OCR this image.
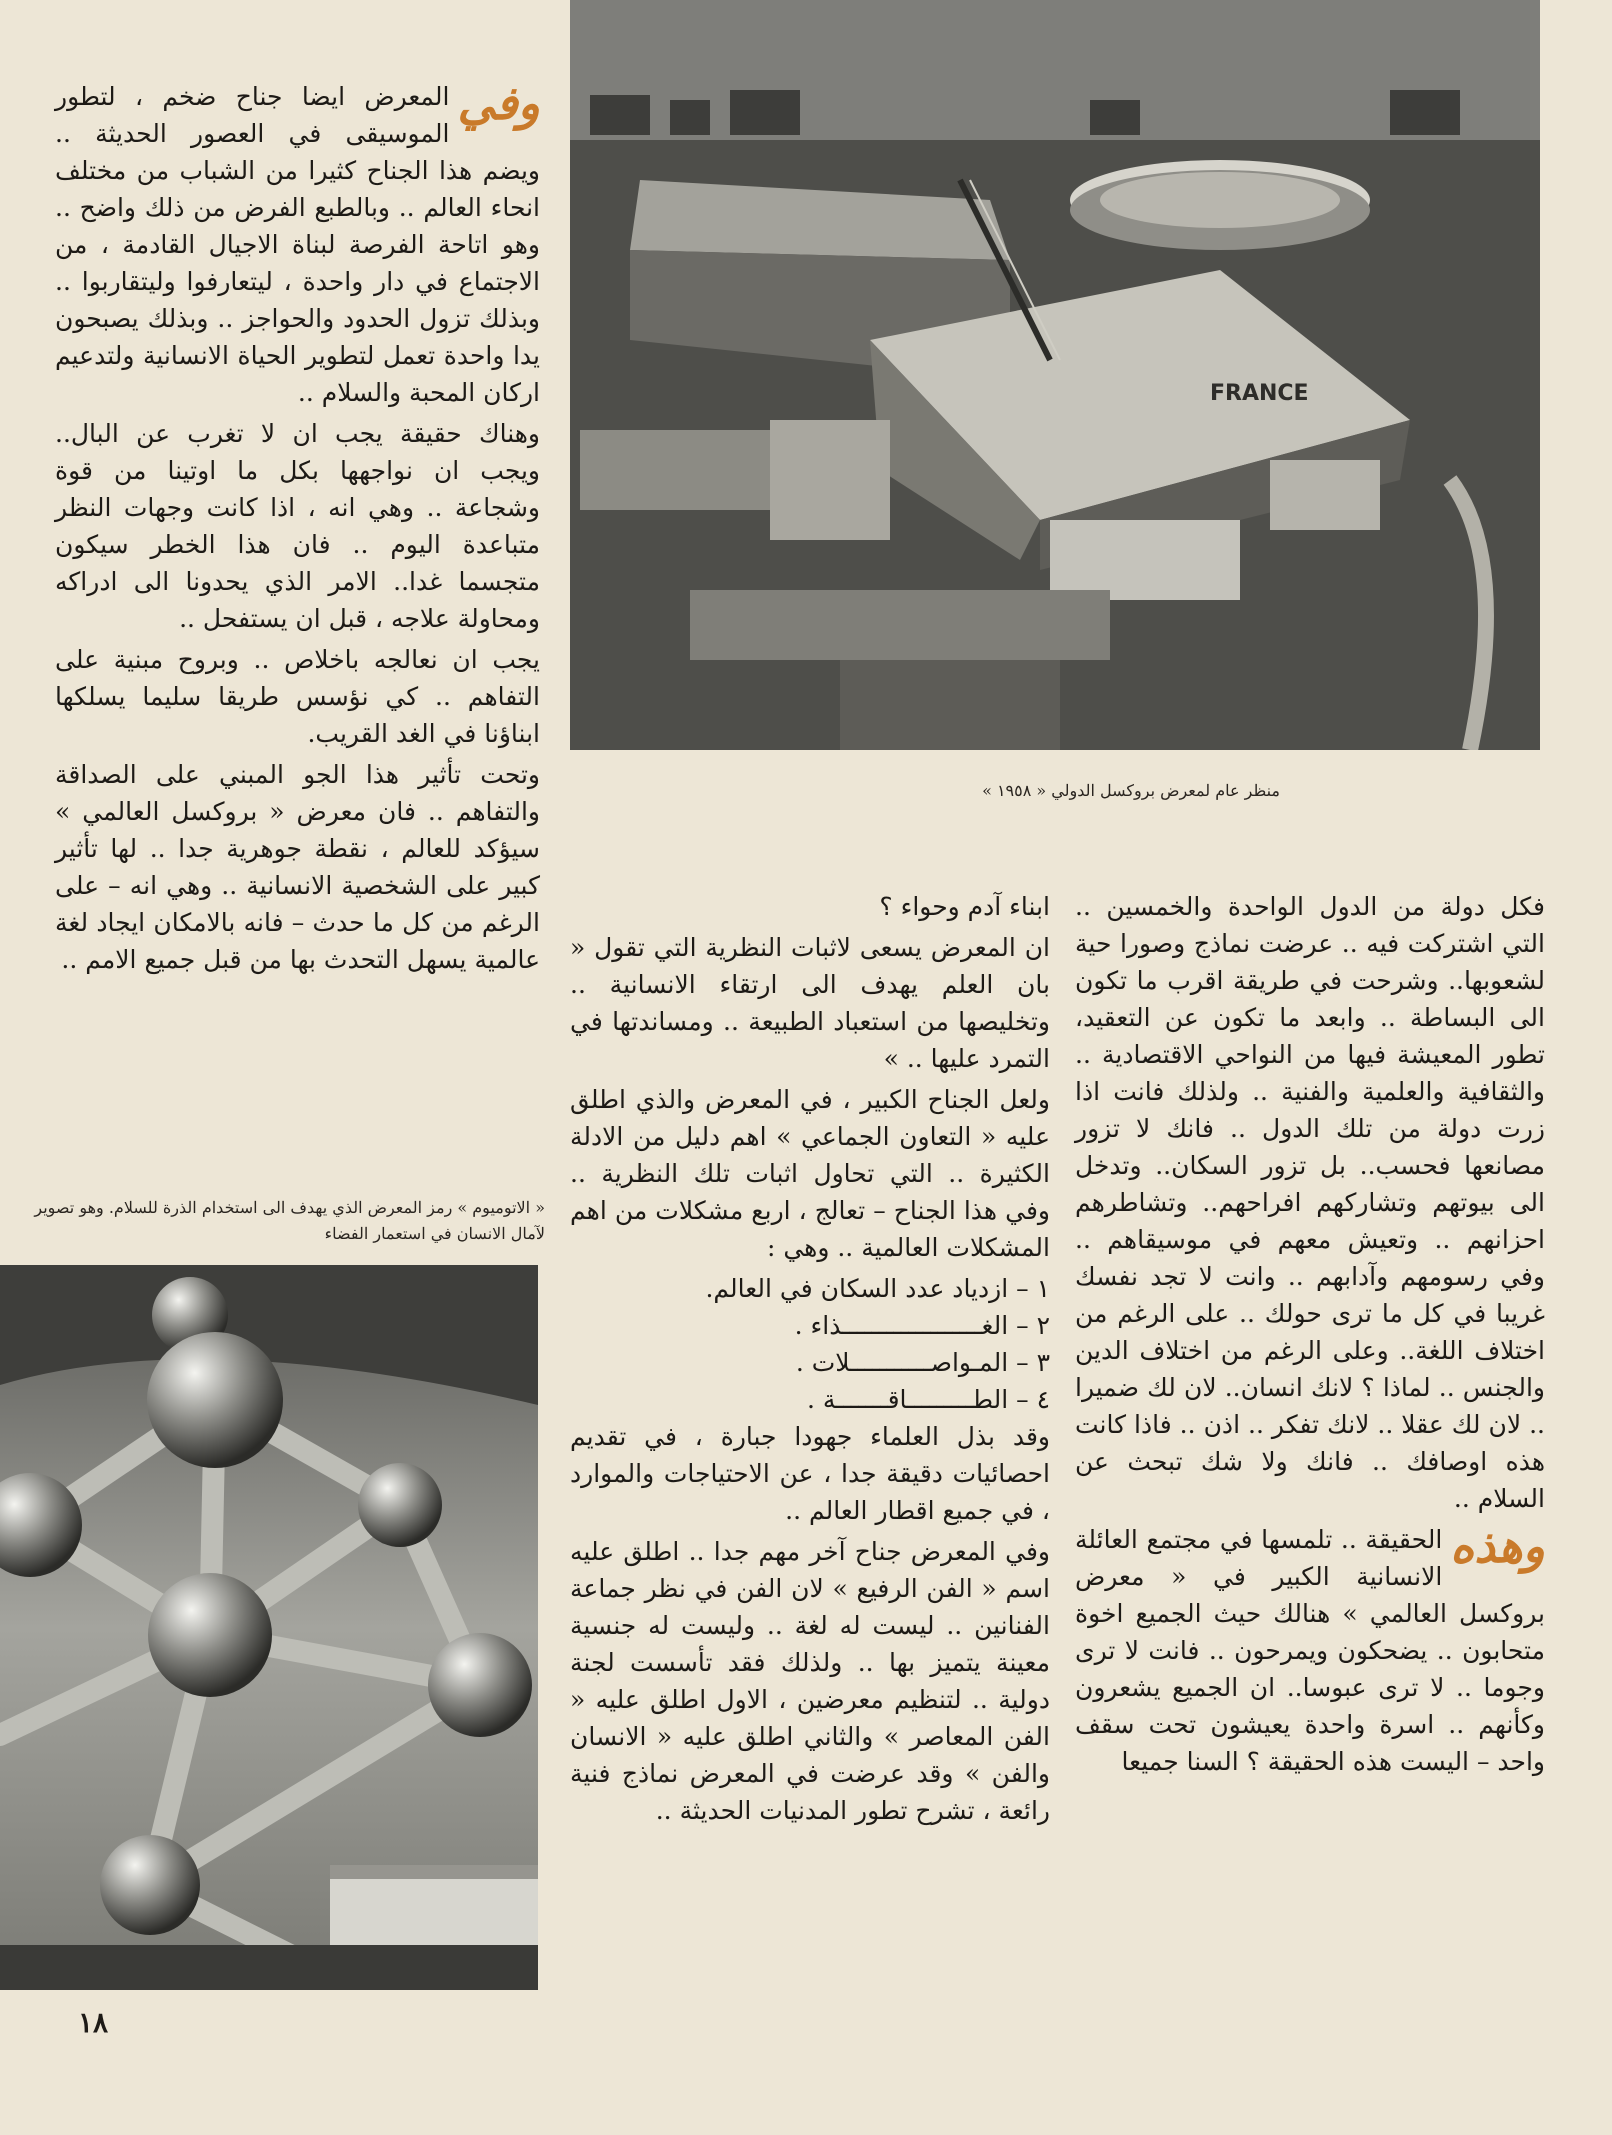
FRANCE
منظر عام لمعرض بروكسل الدولي « ١٩٥٨ »

وفي
المعرض ايضا جناح ضخم ، لتطور الموسيقى في العصور الحديثة .. ويضم هذا الجناح كثيرا من الشباب من مختلف انحاء العالم .. وبالطبع الفرض من ذلك واضح .. وهو اتاحة الفرصة لبناة الاجيال القادمة ، من الاجتماع في دار واحدة ، ليتعارفوا وليتقاربوا .. وبذلك تزول الحدود والحواجز .. وبذلك يصبحون يدا واحدة تعمل لتطوير الحياة الانسانية ولتدعيم اركان المحبة والسلام ..

وهناك حقيقة يجب ان لا تغرب عن البال.. ويجب ان نواجهها بكل ما اوتينا من قوة وشجاعة .. وهي انه ، اذا كانت وجهات النظر متباعدة اليوم .. فان هذا الخطر سيكون متجسما غدا.. الامر الذي يحدونا الى ادراكه ومحاولة علاجه ، قبل ان يستفحل ..

يجب ان نعالجه باخلاص .. وبروح مبنية على التفاهم .. كي نؤسس طريقا سليما يسلكها ابناؤنا في الغد القريب.

وتحت تأثير هذا الجو المبني على الصداقة والتفاهم .. فان معرض « بروكسل العالمي » سيؤكد للعالم ، نقطة جوهرية جدا .. لها تأثير كبير على الشخصية الانسانية .. وهي انه – على الرغم من كل ما حدث – فانه بالامكان ايجاد لغة عالمية يسهل التحدث بها من قبل جميع الامم ..

« الاتوميوم » رمز المعرض الذي يهدف الى استخدام الذرة للسلام. وهو تصوير لآمال الانسان في استعمار الفضاء

ابناء آدم وحواء ؟

ان المعرض يسعى لاثبات النظرية التي تقول « بان العلم يهدف الى ارتقاء الانسانية .. وتخليصها من استعباد الطبيعة .. ومساندتها في التمرد عليها .. »

ولعل الجناح الكبير ، في المعرض والذي اطلق عليه « التعاون الجماعي » اهم دليل من الادلة الكثيرة .. التي تحاول اثبات تلك النظرية .. وفي هذا الجناح – تعالج ، اربع مشكلات من اهم المشكلات العالمية .. وهي :

١ – ازدياد عدد السكان في العالم.
٢ – الغـــــــــــــــــــذاء .
٣ – المـواصـــــــــــلات .
٤ – الطـــــــــاقـــــــة .

وقد بذل العلماء جهودا جبارة ، في تقديم احصائيات دقيقة جدا ، عن الاحتياجات والموارد ، في جميع اقطار العالم ..

وفي المعرض جناح آخر مهم جدا .. اطلق عليه اسم « الفن الرفيع » لان الفن في نظر جماعة الفنانين .. ليست له لغة .. وليست له جنسية معينة يتميز بها .. ولذلك فقد تأسست لجنة دولية .. لتنظيم معرضين ، الاول اطلق عليه « الفن المعاصر » والثاني اطلق عليه « الانسان والفن » وقد عرضت في المعرض نماذج فنية رائعة ، تشرح تطور المدنيات الحديثة ..

فكل دولة من الدول الواحدة والخمسين .. التي اشتركت فيه .. عرضت نماذج وصورا حية لشعوبها.. وشرحت في طريقة اقرب ما تكون الى البساطة .. وابعد ما تكون عن التعقيد، تطور المعيشة فيها من النواحي الاقتصادية .. والثقافية والعلمية والفنية .. ولذلك فانت اذا زرت دولة من تلك الدول .. فانك لا تزور مصانعها فحسب.. بل تزور السكان.. وتدخل الى بيوتهم وتشاركهم افراحهم.. وتشاطرهم احزانهم .. وتعيش معهم في موسيقاهم .. وفي رسومهم وآدابهم .. وانت لا تجد نفسك غريبا في كل ما ترى حولك .. على الرغم من اختلاف اللغة.. وعلى الرغم من اختلاف الدين والجنس .. لماذا ؟ لانك انسان.. لان لك ضميرا .. لان لك عقلا .. لانك تفكر .. اذن .. فاذا كانت هذه اوصافك .. فانك ولا شك تبحث عن السلام ..

وهذه
الحقيقة .. تلمسها في مجتمع العائلة الانسانية الكبير في « معرض بروكسل العالمي » هنالك حيث الجميع اخوة متحابون .. يضحكون ويمرحون .. فانت لا ترى وجوما .. لا ترى عبوسا.. ان الجميع يشعرون وكأنهم .. اسرة واحدة يعيشون تحت سقف واحد – اليست هذه الحقيقة ؟ السنا جميعا

١٨
